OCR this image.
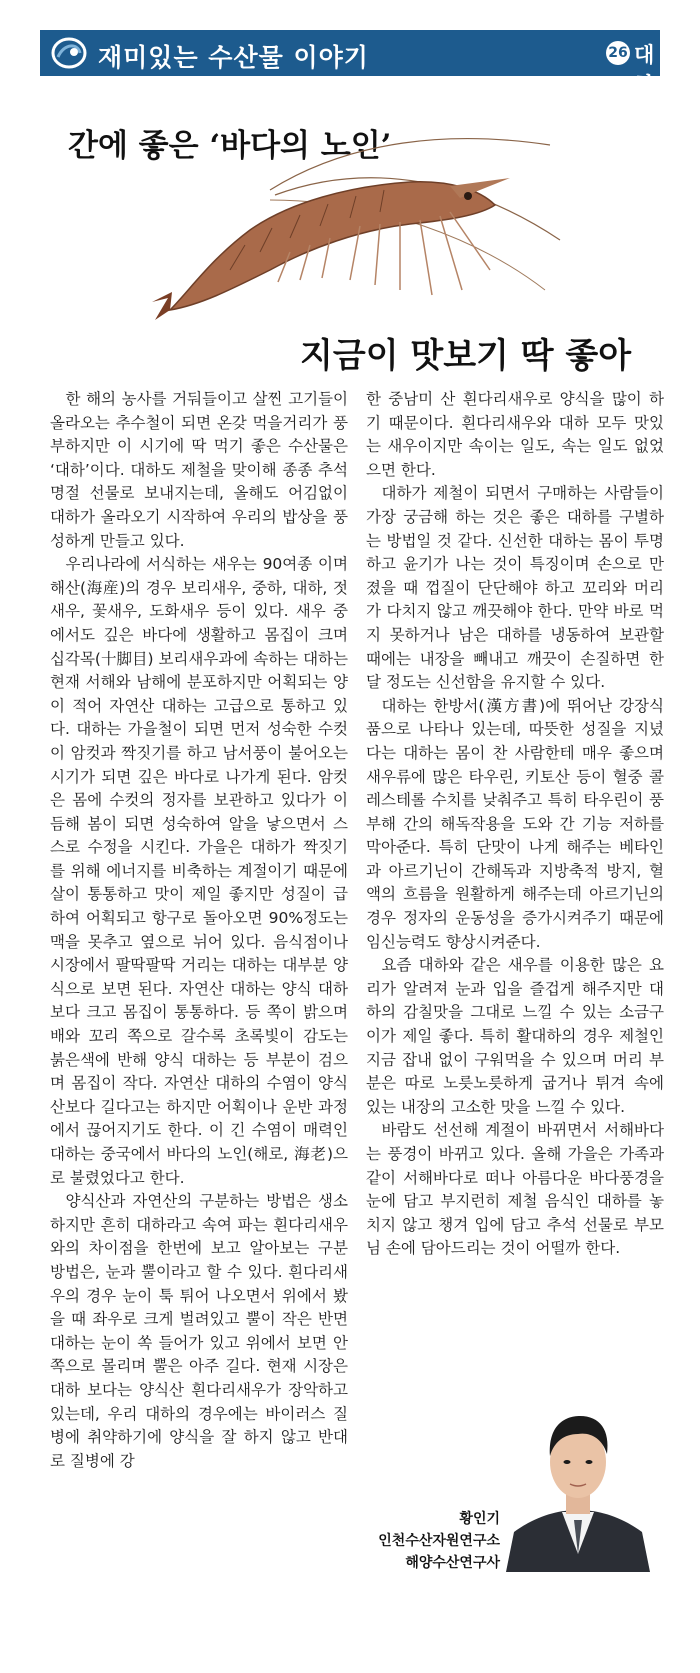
재미있는 수산물 이야기	26 대하
간에 좋은 ‘바다의 노인’
지금이 맛보기 딱 좋아

한 해의 농사를 거둬들이고 살찐 고기들이 올라오는 추수철이 되면 온갖 먹을거리가 풍부하지만 이 시기에 딱 먹기 좋은 수산물은 ‘대하’이다. 대하도 제철을 맞이해 종종 추석 명절 선물로 보내지는데, 올해도 어김없이 대하가 올라오기 시작하여 우리의 밥상을 풍성하게 만들고 있다.

우리나라에 서식하는 새우는 90여종 이며 해산(海産)의 경우 보리새우, 중하, 대하, 젓새우, 꽃새우, 도화새우 등이 있다. 새우 중에서도 깊은 바다에 생활하고 몸집이 크며 십각목(十脚目) 보리새우과에 속하는 대하는 현재 서해와 남해에 분포하지만 어획되는 양이 적어 자연산 대하는 고급으로 통하고 있다. 대하는 가을철이 되면 먼저 성숙한 수컷이 암컷과 짝짓기를 하고 남서풍이 불어오는 시기가 되면 깊은 바다로 나가게 된다. 암컷은 몸에 수컷의 정자를 보관하고 있다가 이듬해 봄이 되면 성숙하여 알을 낳으면서 스스로 수정을 시킨다. 가을은 대하가 짝짓기를 위해 에너지를 비축하는 계절이기 때문에 살이 통통하고 맛이 제일 좋지만 성질이 급하여 어획되고 항구로 돌아오면 90%정도는 맥을 못추고 옆으로 뉘어 있다. 음식점이나 시장에서 팔딱팔딱 거리는 대하는 대부분 양식으로 보면 된다. 자연산 대하는 양식 대하보다 크고 몸집이 통통하다. 등 쪽이 밝으며 배와 꼬리 쪽으로 갈수록 초록빛이 감도는 붉은색에 반해 양식 대하는 등 부분이 검으며 몸집이 작다. 자연산 대하의 수염이 양식산보다 길다고는 하지만 어획이나 운반 과정에서 끊어지기도 한다. 이 긴 수염이 매력인 대하는 중국에서 바다의 노인(해로, 海老)으로 불렸었다고 한다.

양식산과 자연산의 구분하는 방법은 생소하지만 흔히 대하라고 속여 파는 흰다리새우와의 차이점을 한번에 보고 알아보는 구분 방법은, 눈과 뿔이라고 할 수 있다. 흰다리새우의 경우 눈이 툭 튀어 나오면서 위에서 봤을 때 좌우로 크게 벌려있고 뿔이 작은 반면 대하는 눈이 쏙 들어가 있고 위에서 보면 안쪽으로 몰리며 뿔은 아주 길다. 현재 시장은 대하 보다는 양식산 흰다리새우가 장악하고 있는데, 우리 대하의 경우에는 바이러스 질병에 취약하기에 양식을 잘 하지 않고 반대로 질병에 강

한 중남미 산 흰다리새우로 양식을 많이 하기 때문이다. 흰다리새우와 대하 모두 맛있는 새우이지만 속이는 일도, 속는 일도 없었으면 한다.

대하가 제철이 되면서 구매하는 사람들이 가장 궁금해 하는 것은 좋은 대하를 구별하는 방법일 것 같다. 신선한 대하는 몸이 투명하고 윤기가 나는 것이 특징이며 손으로 만졌을 때 껍질이 단단해야 하고 꼬리와 머리가 다치지 않고 깨끗해야 한다. 만약 바로 먹지 못하거나 남은 대하를 냉동하여 보관할 때에는 내장을 빼내고 깨끗이 손질하면 한 달 정도는 신선함을 유지할 수 있다.

대하는 한방서(漢方書)에 뛰어난 강장식품으로 나타나 있는데, 따뜻한 성질을 지녔다는 대하는 몸이 찬 사람한테 매우 좋으며 새우류에 많은 타우린, 키토산 등이 혈중 콜레스테롤 수치를 낮춰주고 특히 타우린이 풍부해 간의 해독작용을 도와 간 기능 저하를 막아준다. 특히 단맛이 나게 해주는 베타인과 아르기닌이 간해독과 지방축적 방지, 혈액의 흐름을 원활하게 해주는데 아르기닌의 경우 정자의 운동성을 증가시켜주기 때문에 임신능력도 향상시켜준다.

요즘 대하와 같은 새우를 이용한 많은 요리가 알려져 눈과 입을 즐겁게 해주지만 대하의 감칠맛을 그대로 느낄 수 있는 소금구이가 제일 좋다. 특히 활대하의 경우 제철인 지금 잡내 없이 구워먹을 수 있으며 머리 부분은 따로 노릇노릇하게 굽거나 튀겨 속에 있는 내장의 고소한 맛을 느낄 수 있다.

바람도 선선해 계절이 바뀌면서 서해바다는 풍경이 바뀌고 있다. 올해 가을은 가족과 같이 서해바다로 떠나 아름다운 바다풍경을 눈에 담고 부지런히 제철 음식인 대하를 놓치지 않고 챙겨 입에 담고 추석 선물로 부모님 손에 담아드리는 것이 어떨까 한다.

황인기
인천수산자원연구소
해양수산연구사
